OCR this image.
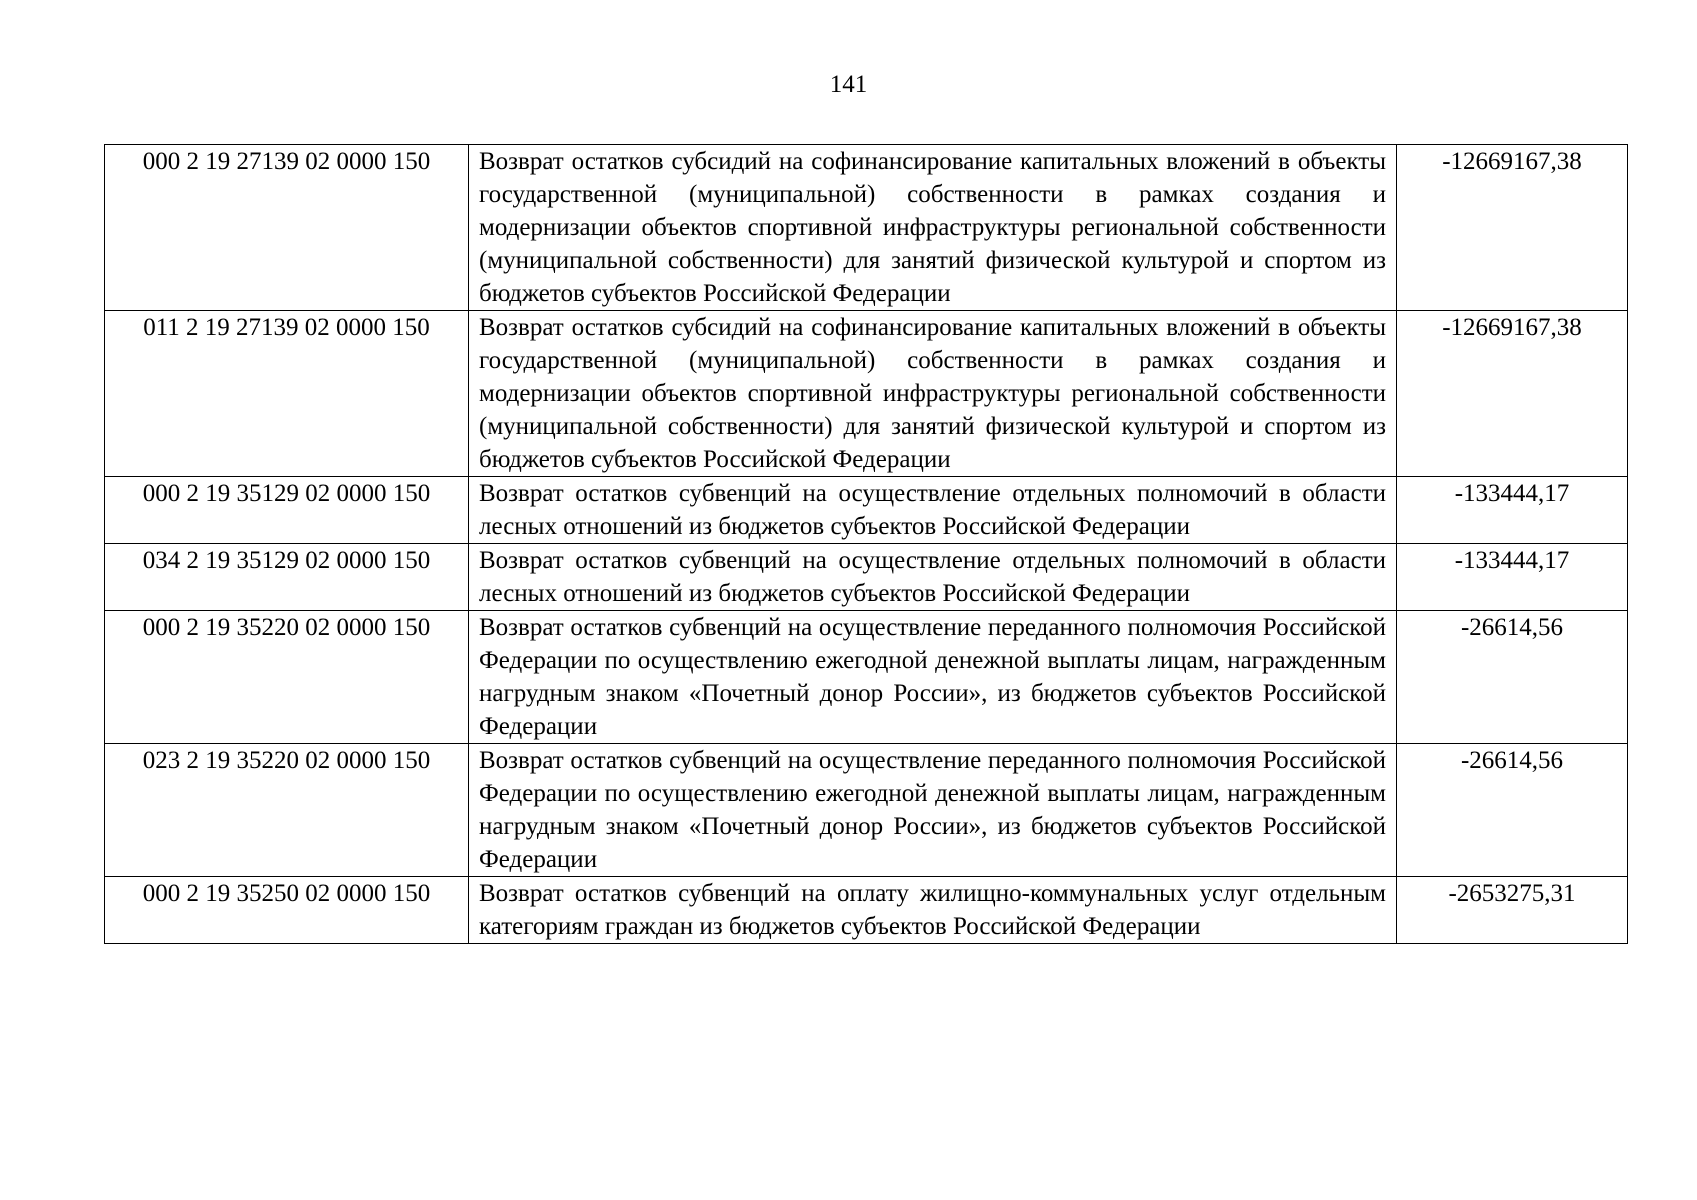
141
000 2 19 27139 02 0000 150	Возврат остатков субсидий на софинансирование капитальных вложений в объекты государственной (муниципальной) собственности в рамках создания и модернизации объектов спортивной инфраструктуры региональной собственности (муниципальной собственности) для занятий физической культурой и спортом из бюджетов субъектов Российской Федерации	-12669167,38
011 2 19 27139 02 0000 150	Возврат остатков субсидий на софинансирование капитальных вложений в объекты государственной (муниципальной) собственности в рамках создания и модернизации объектов спортивной инфраструктуры региональной собственности (муниципальной собственности) для занятий физической культурой и спортом из бюджетов субъектов Российской Федерации	-12669167,38
000 2 19 35129 02 0000 150	Возврат остатков субвенций на осуществление отдельных полномочий в области лесных отношений из бюджетов субъектов Российской Федерации	-133444,17
034 2 19 35129 02 0000 150	Возврат остатков субвенций на осуществление отдельных полномочий в области лесных отношений из бюджетов субъектов Российской Федерации	-133444,17
000 2 19 35220 02 0000 150	Возврат остатков субвенций на осуществление переданного полномочия Российской Федерации по осуществлению ежегодной денежной выплаты лицам, награжденным нагрудным знаком «Почетный донор России», из бюджетов субъектов Российской Федерации	-26614,56
023 2 19 35220 02 0000 150	Возврат остатков субвенций на осуществление переданного полномочия Российской Федерации по осуществлению ежегодной денежной выплаты лицам, награжденным нагрудным знаком «Почетный донор России», из бюджетов субъектов Российской Федерации	-26614,56
000 2 19 35250 02 0000 150	Возврат остатков субвенций на оплату жилищно-коммунальных услуг отдельным категориям граждан из бюджетов субъектов Российской Федерации	-2653275,31
